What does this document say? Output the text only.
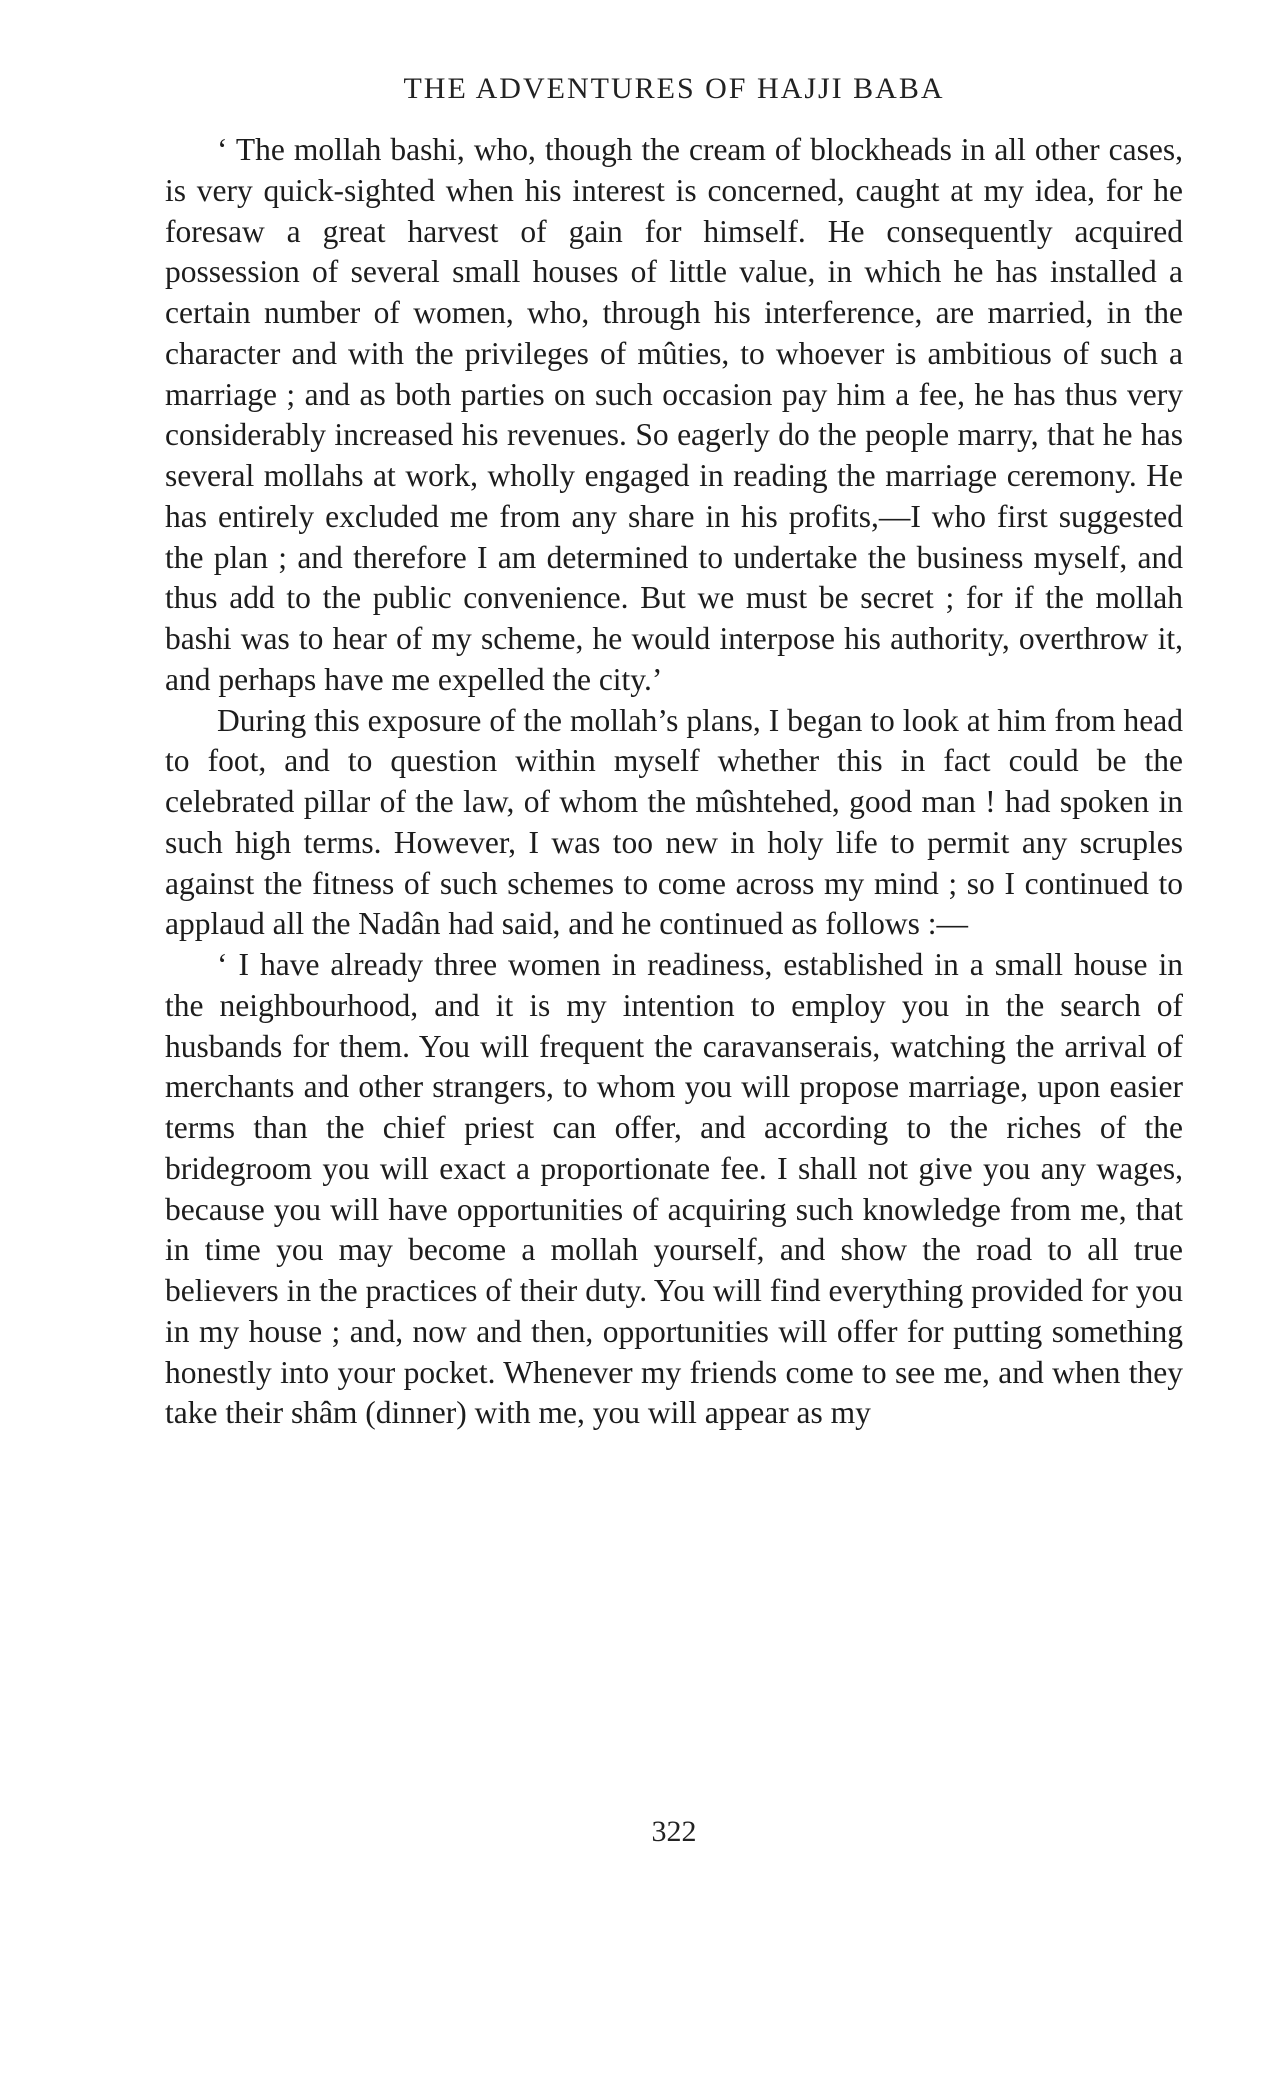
THE ADVENTURES OF HAJJI BABA

‘ The mollah bashi, who, though the cream of blockheads in all other cases, is very quick-sighted when his interest is concerned, caught at my idea, for he foresaw a great harvest of gain for himself. He consequently acquired possession of several small houses of little value, in which he has installed a certain number of women, who, through his interference, are married, in the character and with the privileges of mûties, to whoever is ambitious of such a marriage ; and as both parties on such occasion pay him a fee, he has thus very considerably increased his revenues. So eagerly do the people marry, that he has several mollahs at work, wholly engaged in reading the marriage ceremony. He has entirely excluded me from any share in his profits,—I who first suggested the plan ; and therefore I am determined to undertake the business myself, and thus add to the public convenience. But we must be secret ; for if the mollah bashi was to hear of my scheme, he would interpose his authority, overthrow it, and perhaps have me expelled the city.’

During this exposure of the mollah’s plans, I began to look at him from head to foot, and to question within myself whether this in fact could be the celebrated pillar of the law, of whom the mûshtehed, good man ! had spoken in such high terms. However, I was too new in holy life to permit any scruples against the fitness of such schemes to come across my mind ; so I continued to applaud all the Nadân had said, and he continued as follows :—

‘ I have already three women in readiness, established in a small house in the neighbourhood, and it is my intention to employ you in the search of husbands for them. You will frequent the caravanserais, watching the arrival of merchants and other strangers, to whom you will propose marriage, upon easier terms than the chief priest can offer, and according to the riches of the bridegroom you will exact a proportionate fee. I shall not give you any wages, because you will have opportunities of acquiring such knowledge from me, that in time you may become a mollah yourself, and show the road to all true believers in the practices of their duty. You will find everything provided for you in my house ; and, now and then, opportunities will offer for putting something honestly into your pocket. Whenever my friends come to see me, and when they take their shâm (dinner) with me, you will appear as my

322
